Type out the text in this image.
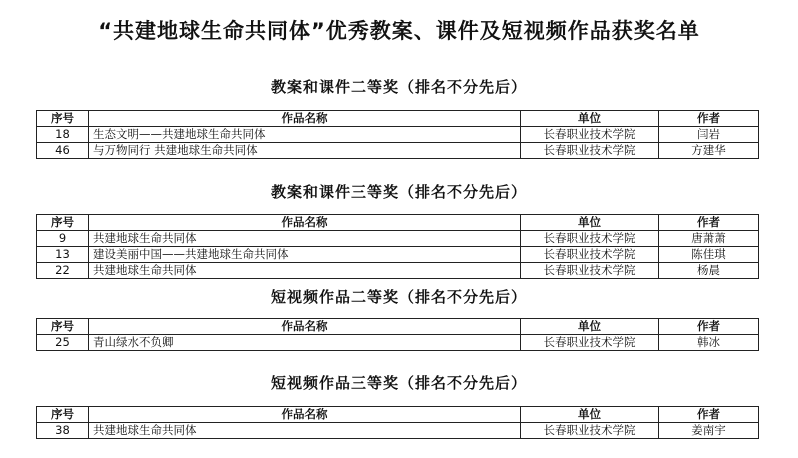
“共建地球生命共同体”优秀教案、课件及短视频作品获奖名单
教案和课件二等奖（排名不分先后）
序号	作品名称	单位	作者
18	生态文明——共建地球生命共同体	长春职业技术学院	闫岩
46	与万物同行 共建地球生命共同体	长春职业技术学院	方建华
教案和课件三等奖（排名不分先后）
序号	作品名称	单位	作者
9	共建地球生命共同体	长春职业技术学院	唐萧萧
13	建设美丽中国——共建地球生命共同体	长春职业技术学院	陈佳琪
22	共建地球生命共同体	长春职业技术学院	杨晨
短视频作品二等奖（排名不分先后）
序号	作品名称	单位	作者
25	青山绿水不负卿	长春职业技术学院	韩冰
短视频作品三等奖（排名不分先后）
序号	作品名称	单位	作者
38	共建地球生命共同体	长春职业技术学院	姜南宇
